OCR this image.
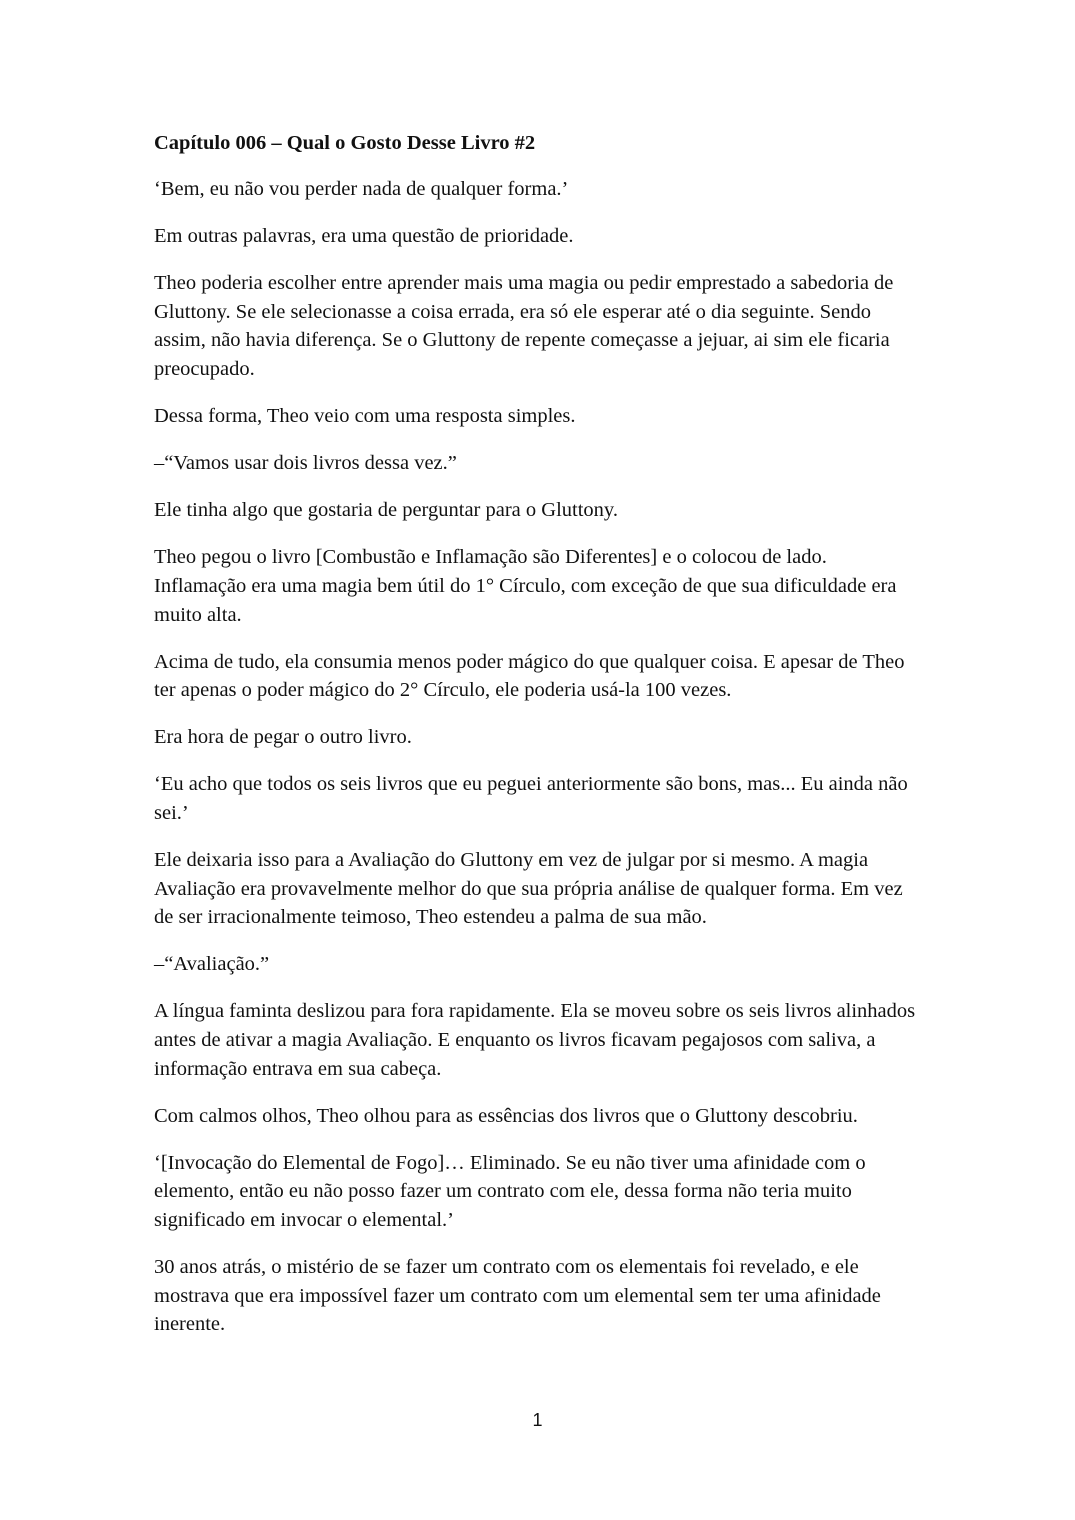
Capítulo 006 – Qual o Gosto Desse Livro #2

‘Bem, eu não vou perder nada de qualquer forma.’

Em outras palavras, era uma questão de prioridade.

Theo poderia escolher entre aprender mais uma magia ou pedir emprestado a sabedoria de Gluttony. Se ele selecionasse a coisa errada, era só ele esperar até o dia seguinte. Sendo assim, não havia diferença. Se o Gluttony de repente começasse a jejuar, ai sim ele ficaria preocupado.

Dessa forma, Theo veio com uma resposta simples.

–“Vamos usar dois livros dessa vez.”

Ele tinha algo que gostaria de perguntar para o Gluttony.

Theo pegou o livro [Combustão e Inflamação são Diferentes] e o colocou de lado. Inflamação era uma magia bem útil do 1° Círculo, com exceção de que sua dificuldade era muito alta.

Acima de tudo, ela consumia menos poder mágico do que qualquer coisa. E apesar de Theo ter apenas o poder mágico do 2° Círculo, ele poderia usá-la 100 vezes.

Era hora de pegar o outro livro.

‘Eu acho que todos os seis livros que eu peguei anteriormente são bons, mas... Eu ainda não sei.’

Ele deixaria isso para a Avaliação do Gluttony em vez de julgar por si mesmo. A magia Avaliação era provavelmente melhor do que sua própria análise de qualquer forma. Em vez de ser irracionalmente teimoso, Theo estendeu a palma de sua mão.

–“Avaliação.”

A língua faminta deslizou para fora rapidamente. Ela se moveu sobre os seis livros alinhados antes de ativar a magia Avaliação. E enquanto os livros ficavam pegajosos com saliva, a informação entrava em sua cabeça.

Com calmos olhos, Theo olhou para as essências dos livros que o Gluttony descobriu.

‘[Invocação do Elemental de Fogo]… Eliminado. Se eu não tiver uma afinidade com o elemento, então eu não posso fazer um contrato com ele, dessa forma não teria muito significado em invocar o elemental.’

30 anos atrás, o mistério de se fazer um contrato com os elementais foi revelado, e ele mostrava que era impossível fazer um contrato com um elemental sem ter uma afinidade inerente.

1
